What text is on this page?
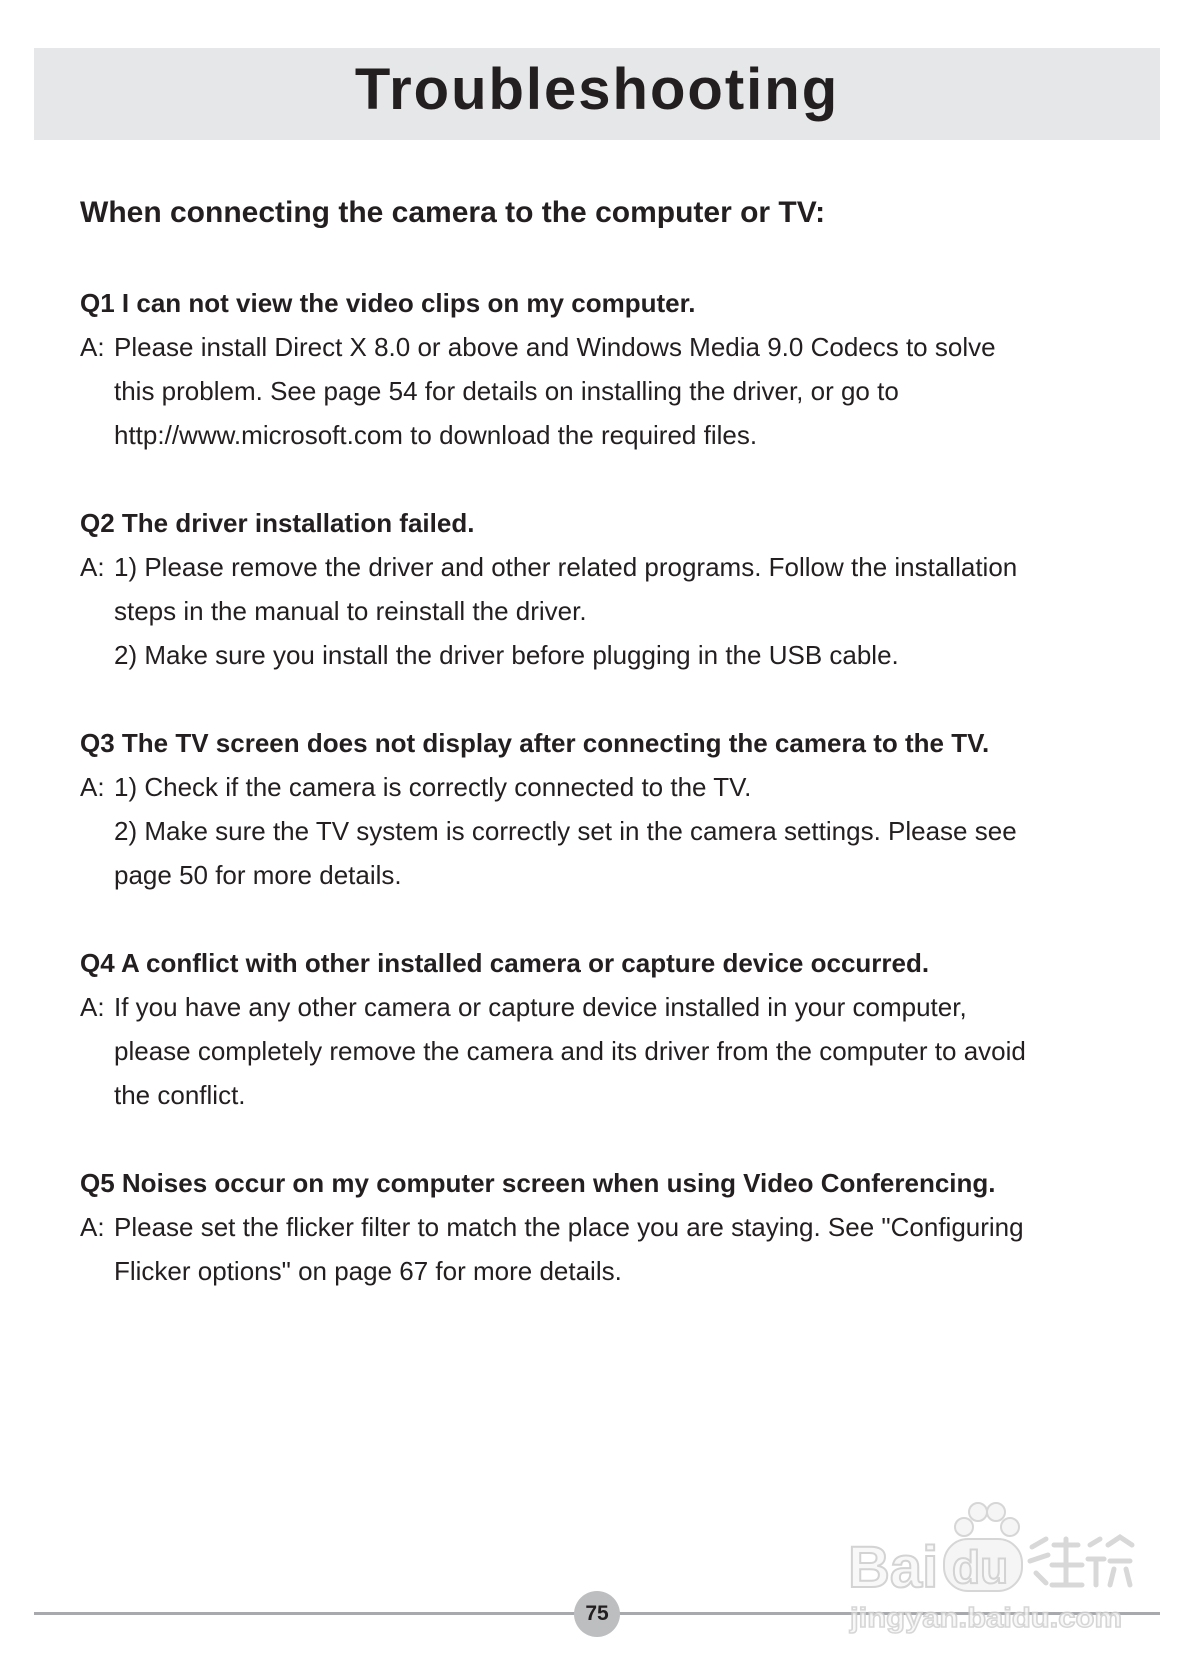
Troubleshooting
When connecting the camera to the computer or TV:
Q1 I can not view the video clips on my computer.
A: Please install Direct X 8.0 or above and Windows Media 9.0 Codecs to solve
this problem. See page 54 for details on installing the driver, or go to
http://www.microsoft.com to download the required files.
Q2 The driver installation failed.
A: 1) Please remove the driver and other related programs. Follow the installation
steps in the manual to reinstall the driver.
2) Make sure you install the driver before plugging in the USB cable.
Q3 The TV screen does not display after connecting the camera to the TV.
A: 1) Check if the camera is correctly connected to the TV.
2) Make sure the TV system is correctly set in the camera settings. Please see
page 50 for more details.
Q4 A conflict with other installed camera or capture device occurred.
A: If you have any other camera or capture device installed in your computer,
please completely remove the camera and its driver from the computer to avoid
the conflict.
Q5 Noises occur on my computer screen when using Video Conferencing.
A: Please set the flicker filter to match the place you are staying. See "Configuring
Flicker options" on page 67 for more details.
75
Bai du
jingyan.baidu.com
